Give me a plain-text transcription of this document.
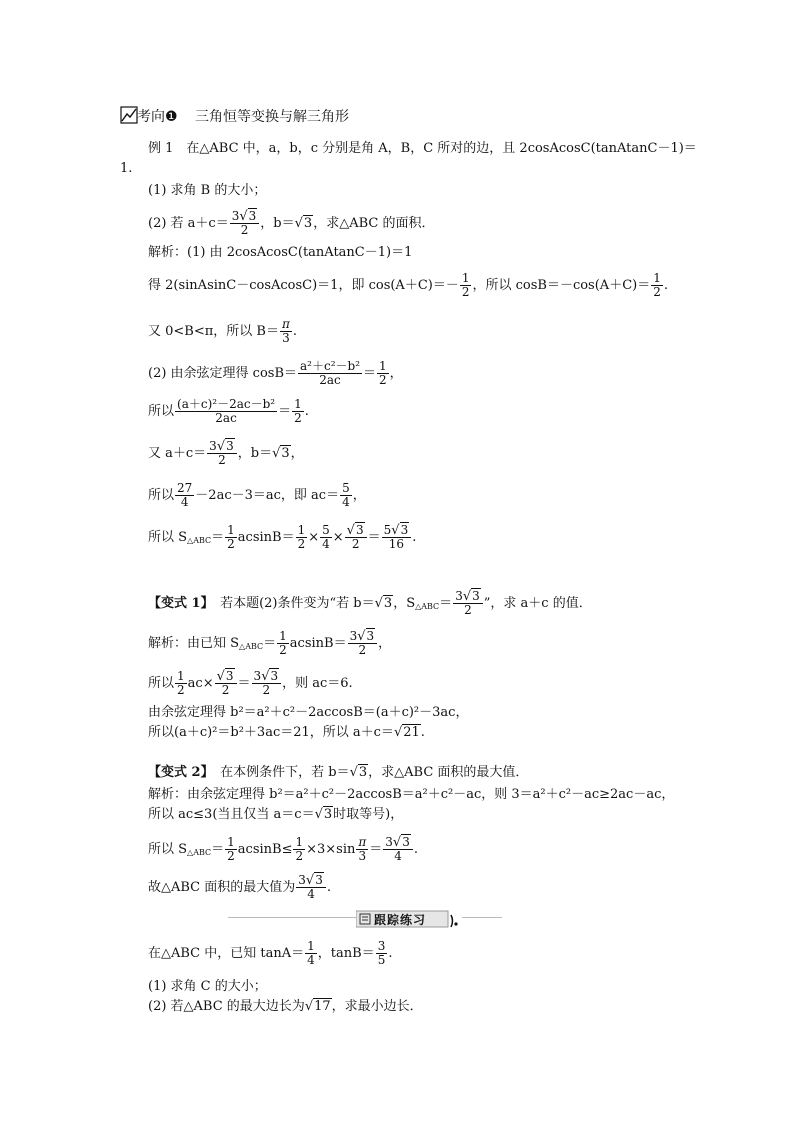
考向❶ 三角恒等变换与解三角形
例 1　在△ABC 中，a，b，c 分别是角 A，B，C 所对的边，且 2cosAcosC(tanAtanC－1)＝
1.
(1) 求角 B 的大小；
(2) 若 $a+c= \frac{3√3}{2}$ ，b＝√3，求△ABC 的面积．
解析：(1) 由 2cosAcosC(tanAtanC－1)＝1
得 2(sinAsinC－cosAcosC)＝1，即 $\cos(A+C)=- \frac{1}{2}$ ，所以 $\cos B=-\cos(A+C)= \frac{1}{2}$ .
又 0<B<π，所以 $B= \frac{\pi}{3}$ .
(2) 由余弦定理得 $\cos B= \frac{\text{a²＋c²－b²}}{2ac} = \frac{1}{2}$ ，
所以 $\frac{\text{(a＋c)²－2ac－b²}}{2ac} = \frac{1}{2}$ .
又 $a+c= \frac{3√3}{2}$ ，b＝√3，
所以 $\frac{27}{4} -2ac-3=ac$，即 $ac= \frac{5}{4}$ ，
所以 $S_{\triangle ABC}= \frac{1}{2} acsinB= \frac{1}{2} \times \frac{5}{4} \times \frac{√3}{2} = \frac{5√3}{16}$ .
【变式 1】　 若本题(2)条件变为“若 b＝√3，$S_{\triangle ABC}= \frac{3√3}{2}$ ”，求 a＋c 的值．
解析：由已知 $S_{\triangle ABC}= \frac{1}{2} acsinB= \frac{3√3}{2}$ ，
所以 $\frac{1}{2} ac\times \frac{√3}{2} = \frac{3√3}{2}$ ，则 ac＝6.
由余弦定理得 b²＝a²＋c²－2accosB＝(a＋c)²－3ac，
所以(a＋c)²＝b²＋3ac＝21，所以 a＋c＝√21.
【变式 2】　 在本例条件下，若 b＝√3，求△ABC 面积的最大值．
解析：由余弦定理得 b²＝a²＋c²－2accosB＝a²＋c²－ac，则 3＝a²＋c²－ac≥2ac－ac，
所以 ac≤3(当且仅当 a＝c＝√3时取等号)，
所以 $S_{\triangle ABC}= \frac{1}{2} acsinB\le \frac{1}{2} \times 3\times\sin \frac{\pi}{3} = \frac{3√3}{4}$ .
故△ABC 面积的最大值为 $\frac{3√3}{4}$ .
跟踪练习
在△ABC 中，已知 $\tan A= \frac{1}{4}$ ，$\tan B= \frac{3}{5}$ .
(1) 求角 C 的大小；
(2) 若△ABC 的最大边长为√17，求最小边长．
